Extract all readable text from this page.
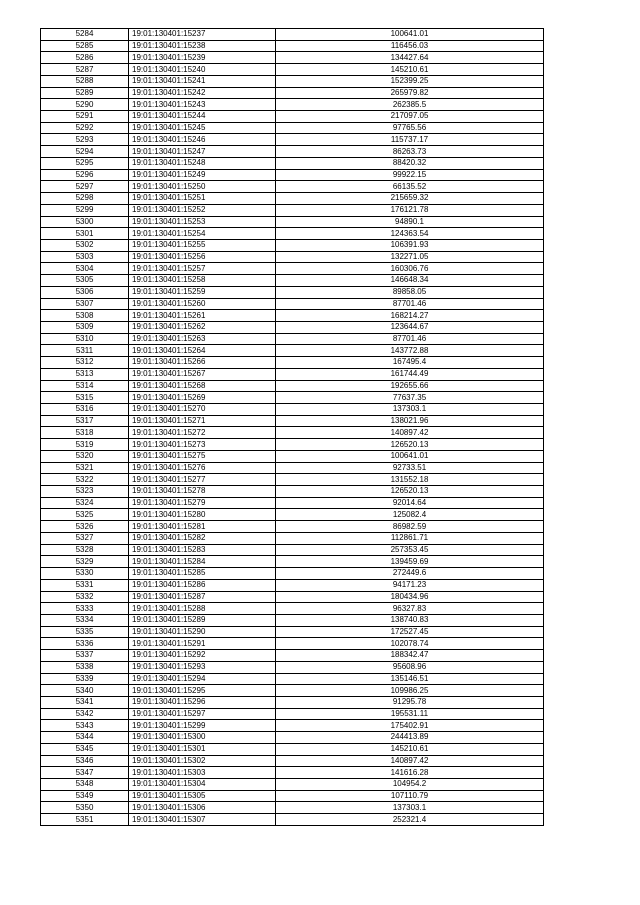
5284	19:01:130401:15237	100641.01
5285	19:01:130401:15238	116456.03
5286	19:01:130401:15239	134427.64
5287	19:01:130401:15240	145210.61
5288	19:01:130401:15241	152399.25
5289	19:01:130401:15242	265979.82
5290	19:01:130401:15243	262385.5
5291	19:01:130401:15244	217097.05
5292	19:01:130401:15245	97765.56
5293	19:01:130401:15246	115737.17
5294	19:01:130401:15247	86263.73
5295	19:01:130401:15248	88420.32
5296	19:01:130401:15249	99922.15
5297	19:01:130401:15250	66135.52
5298	19:01:130401:15251	215659.32
5299	19:01:130401:15252	176121.78
5300	19:01:130401:15253	94890.1
5301	19:01:130401:15254	124363.54
5302	19:01:130401:15255	106391.93
5303	19:01:130401:15256	132271.05
5304	19:01:130401:15257	160306.76
5305	19:01:130401:15258	146648.34
5306	19:01:130401:15259	89858.05
5307	19:01:130401:15260	87701.46
5308	19:01:130401:15261	168214.27
5309	19:01:130401:15262	123644.67
5310	19:01:130401:15263	87701.46
5311	19:01:130401:15264	143772.88
5312	19:01:130401:15266	167495.4
5313	19:01:130401:15267	161744.49
5314	19:01:130401:15268	192655.66
5315	19:01:130401:15269	77637.35
5316	19:01:130401:15270	137303.1
5317	19:01:130401:15271	138021.96
5318	19:01:130401:15272	140897.42
5319	19:01:130401:15273	126520.13
5320	19:01:130401:15275	100641.01
5321	19:01:130401:15276	92733.51
5322	19:01:130401:15277	131552.18
5323	19:01:130401:15278	126520.13
5324	19:01:130401:15279	92014.64
5325	19:01:130401:15280	125082.4
5326	19:01:130401:15281	86982.59
5327	19:01:130401:15282	112861.71
5328	19:01:130401:15283	257353.45
5329	19:01:130401:15284	139459.69
5330	19:01:130401:15285	272449.6
5331	19:01:130401:15286	94171.23
5332	19:01:130401:15287	180434.96
5333	19:01:130401:15288	96327.83
5334	19:01:130401:15289	138740.83
5335	19:01:130401:15290	172527.45
5336	19:01:130401:15291	102078.74
5337	19:01:130401:15292	188342.47
5338	19:01:130401:15293	95608.96
5339	19:01:130401:15294	135146.51
5340	19:01:130401:15295	109986.25
5341	19:01:130401:15296	91295.78
5342	19:01:130401:15297	195531.11
5343	19:01:130401:15299	175402.91
5344	19:01:130401:15300	244413.89
5345	19:01:130401:15301	145210.61
5346	19:01:130401:15302	140897.42
5347	19:01:130401:15303	141616.28
5348	19:01:130401:15304	104954.2
5349	19:01:130401:15305	107110.79
5350	19:01:130401:15306	137303.1
5351	19:01:130401:15307	252321.4
